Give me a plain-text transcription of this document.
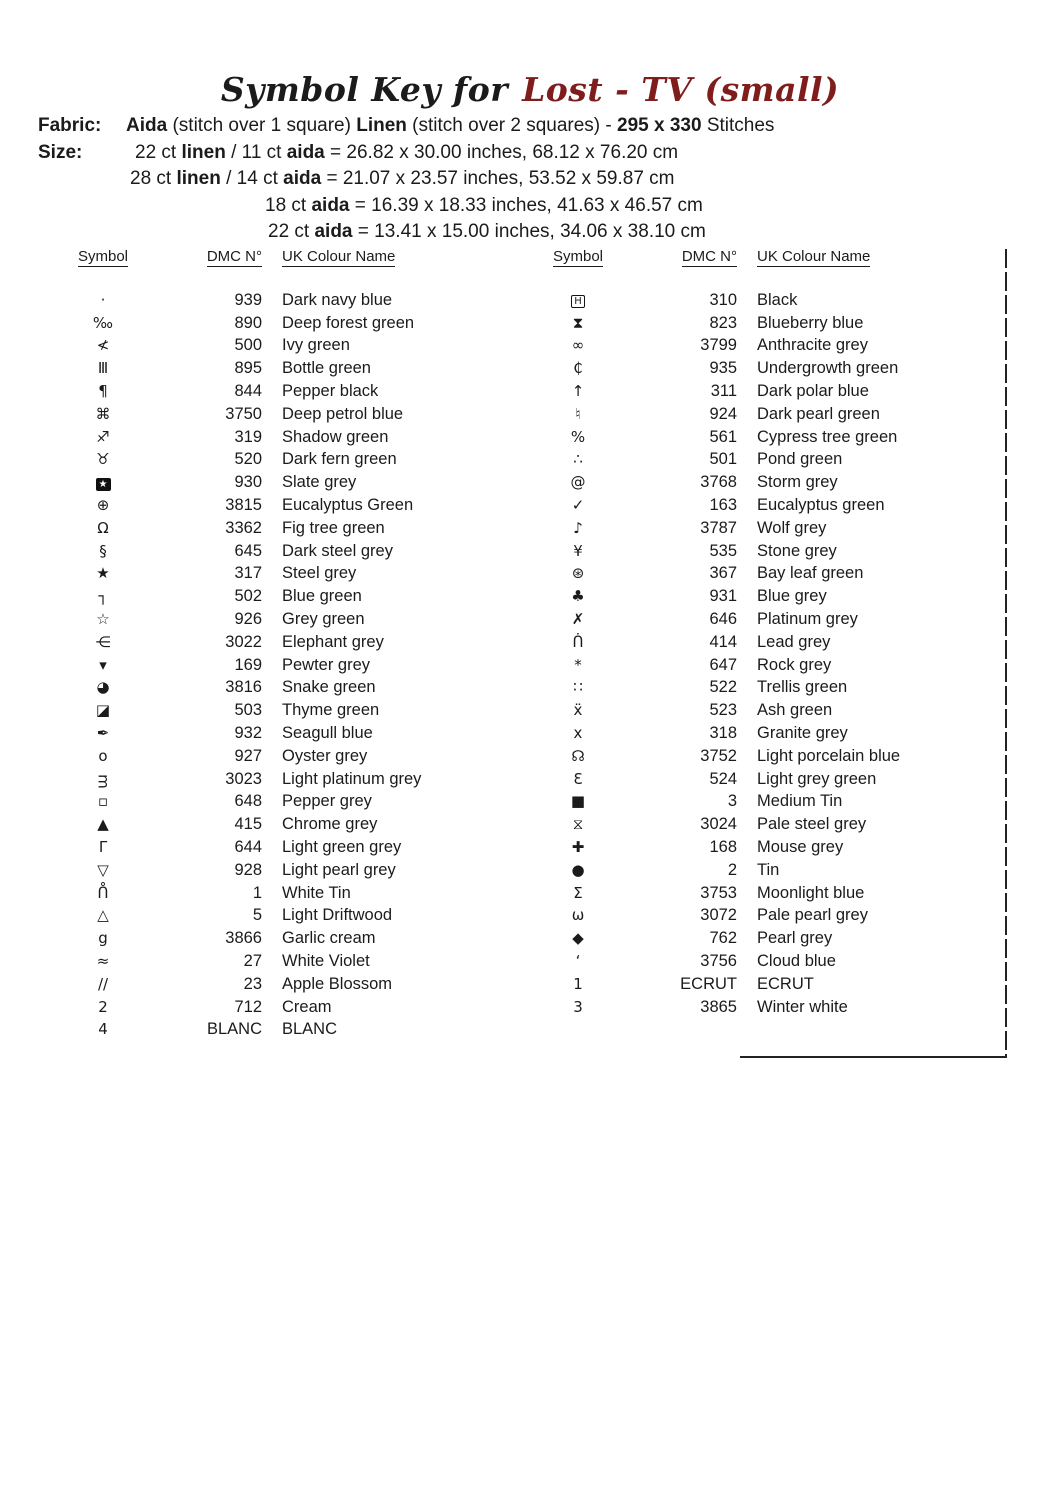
Symbol Key for Lost - TV (small)
Fabric: Aida (stitch over 1 square) Linen (stitch over 2 squares) - 295 x 330 Stitches
Size:	22 ct linen / 11 ct aida = 26.82 x 30.00 inches, 68.12 x 76.20 cm
28 ct linen / 14 ct aida = 21.07 x 23.57 inches, 53.52 x 59.87 cm
18 ct aida = 16.39 x 18.33 inches, 41.63 x 46.57 cm
22 ct aida = 13.41 x 15.00 inches, 34.06 x 38.10 cm
Symbol	DMC N°	UK Colour Name	Symbol	DMC N°	UK Colour Name
·	939	Dark navy blue
‰	890	Deep forest green
≮	500	Ivy green
Ⅲ	895	Bottle green
¶	844	Pepper black
⌘	3750	Deep petrol blue
♐	319	Shadow green
♉	520	Dark fern green
★	930	Slate grey
⊕	3815	Eucalyptus Green
Ω	3362	Fig tree green
§	645	Dark steel grey
★	317	Steel grey
┐	502	Blue green
☆	926	Grey green
⋲	3022	Elephant grey
▾	169	Pewter grey
◕	3816	Snake green
◪	503	Thyme green
✒	932	Seagull blue
o	927	Oyster grey
ᴟ	3023	Light platinum grey
▫	648	Pepper grey
▲	415	Chrome grey
Γ	644	Light green grey
▽	928	Light pearl grey
ᑍ	1	White Tin
△	5	Light Driftwood
g	3866	Garlic cream
≈	27	White Violet
//	23	Apple Blossom
2	712	Cream
4	BLANC	BLANC
H	310	Black
⧗	823	Blueberry blue
∞	3799	Anthracite grey
₵	935	Undergrowth green
↑	311	Dark polar blue
♮	924	Dark pearl green
%	561	Cypress tree green
∴	501	Pond green
@	3768	Storm grey
✓	163	Eucalyptus green
♪	3787	Wolf grey
¥	535	Stone grey
⊛	367	Bay leaf green
♣	931	Blue grey
✗	646	Platinum grey
ᑏ	414	Lead grey
*	647	Rock grey
∷	522	Trellis green
ẍ	523	Ash green
x	318	Granite grey
☊	3752	Light porcelain blue
Ɛ	524	Light grey green
■	3	Medium Tin
⧖	3024	Pale steel grey
✚	168	Mouse grey
●	2	Tin
Σ	3753	Moonlight blue
ω	3072	Pale pearl grey
◆	762	Pearl grey
‘	3756	Cloud blue
1	ECRUT	ECRUT
3	3865	Winter white
